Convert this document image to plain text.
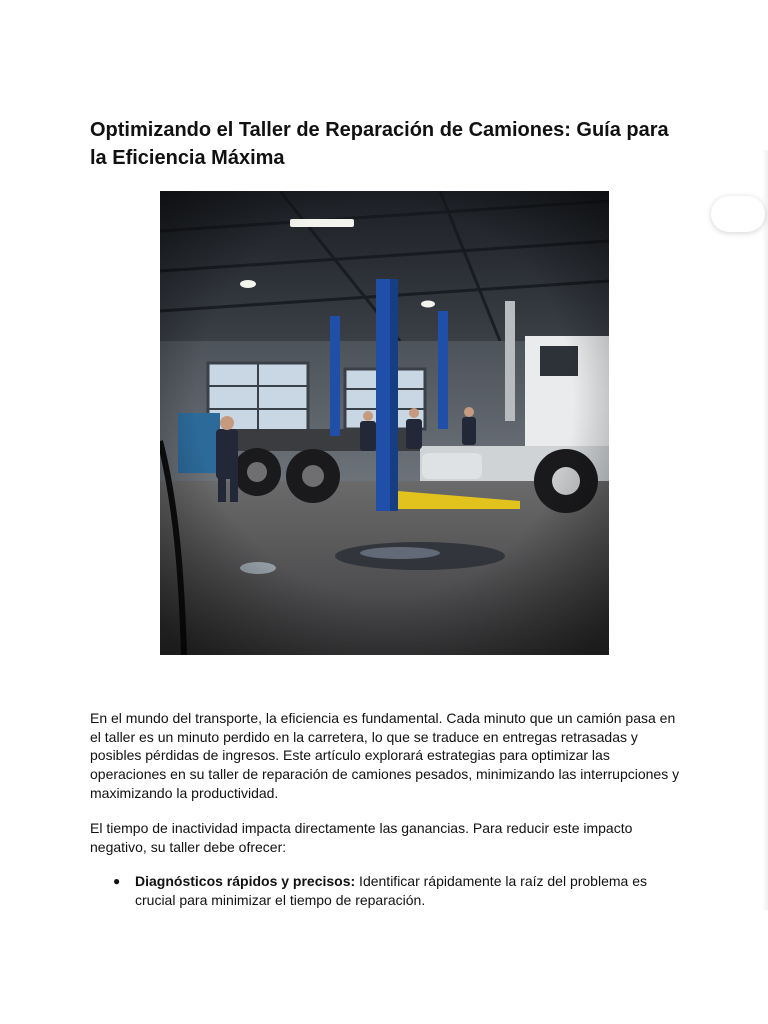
Optimizando el Taller de Reparación de Camiones: Guía para la Eficiencia Máxima

En el mundo del transporte, la eficiencia es fundamental. Cada minuto que un camión pasa en el taller es un minuto perdido en la carretera, lo que se traduce en entregas retrasadas y posibles pérdidas de ingresos. Este artículo explorará estrategias para optimizar las operaciones en su taller de reparación de camiones pesados, minimizando las interrupciones y maximizando la productividad.

El tiempo de inactividad impacta directamente las ganancias. Para reducir este impacto negativo, su taller debe ofrecer:

● Diagnósticos rápidos y precisos: Identificar rápidamente la raíz del problema es crucial para minimizar el tiempo de reparación.
